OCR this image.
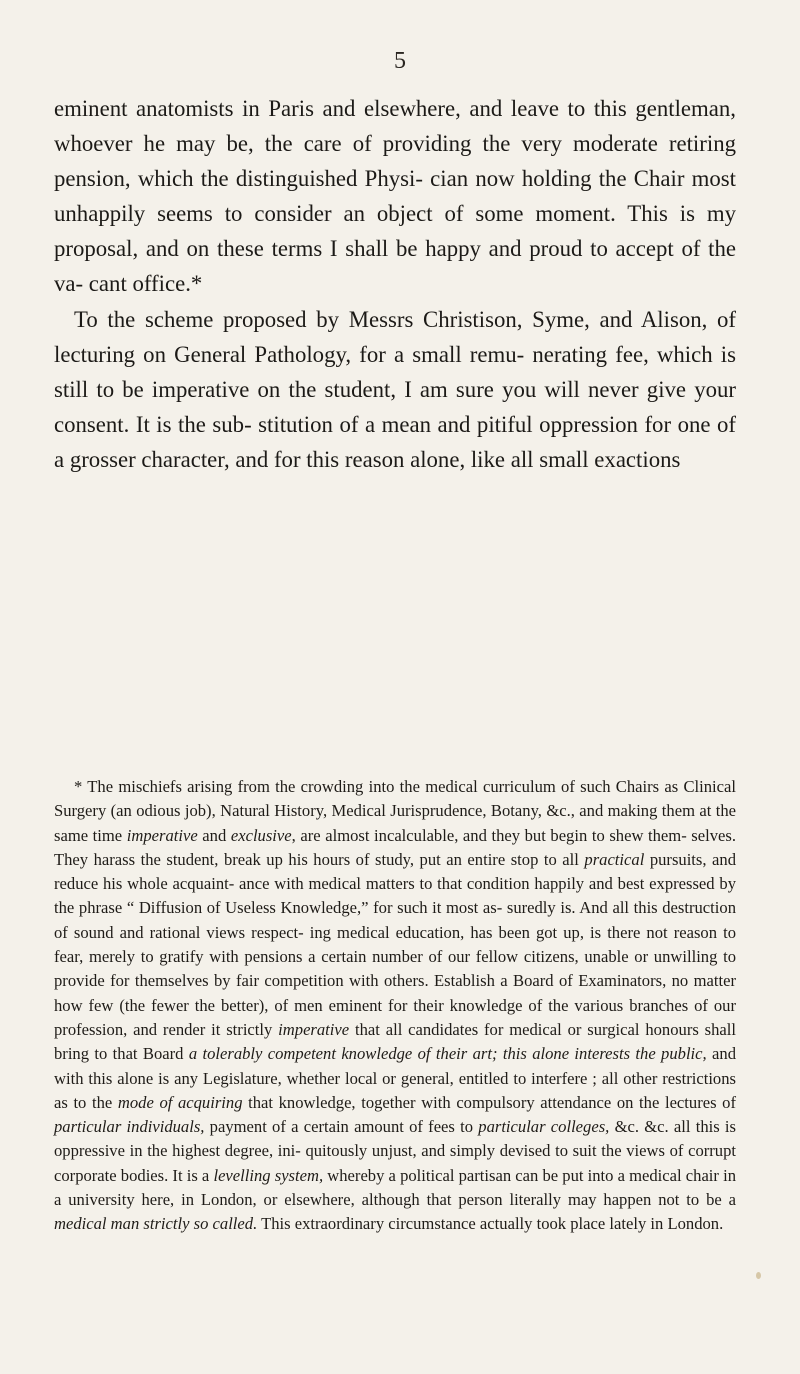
5

eminent anatomists in Paris and elsewhere, and leave to this gentleman, whoever he may be, the care of providing the very moderate retiring pension, which the distinguished Physi- cian now holding the Chair most unhappily seems to consider an object of some moment. This is my proposal, and on these terms I shall be happy and proud to accept of the va- cant office.*

To the scheme proposed by Messrs Christison, Syme, and Alison, of lecturing on General Pathology, for a small remu- nerating fee, which is still to be imperative on the student, I am sure you will never give your consent. It is the sub- stitution of a mean and pitiful oppression for one of a grosser character, and for this reason alone, like all small exactions

* The mischiefs arising from the crowding into the medical curriculum of such Chairs as Clinical Surgery (an odious job), Natural History, Medical Jurisprudence, Botany, &c., and making them at the same time imperative and exclusive, are almost incalculable, and they but begin to shew them- selves. They harass the student, break up his hours of study, put an entire stop to all practical pursuits, and reduce his whole acquaint- ance with medical matters to that condition happily and best expressed by the phrase “ Diffusion of Useless Knowledge,” for such it most as- suredly is. And all this destruction of sound and rational views respect- ing medical education, has been got up, is there not reason to fear, merely to gratify with pensions a certain number of our fellow citizens, unable or unwilling to provide for themselves by fair competition with others. Establish a Board of Examinators, no matter how few (the fewer the better), of men eminent for their knowledge of the various branches of our profession, and render it strictly imperative that all candidates for medical or surgical honours shall bring to that Board a tolerably competent knowledge of their art; this alone interests the public, and with this alone is any Legislature, whether local or general, entitled to interfere ; all other restrictions as to the mode of acquiring that knowledge, together with compulsory attendance on the lectures of particular individuals, payment of a certain amount of fees to particular colleges, &c. &c. all this is oppressive in the highest degree, ini- quitously unjust, and simply devised to suit the views of corrupt corporate bodies. It is a levelling system, whereby a political partisan can be put into a medical chair in a university here, in London, or elsewhere, although that person literally may happen not to be a medical man strictly so called. This extraordinary circumstance actually took place lately in London.
